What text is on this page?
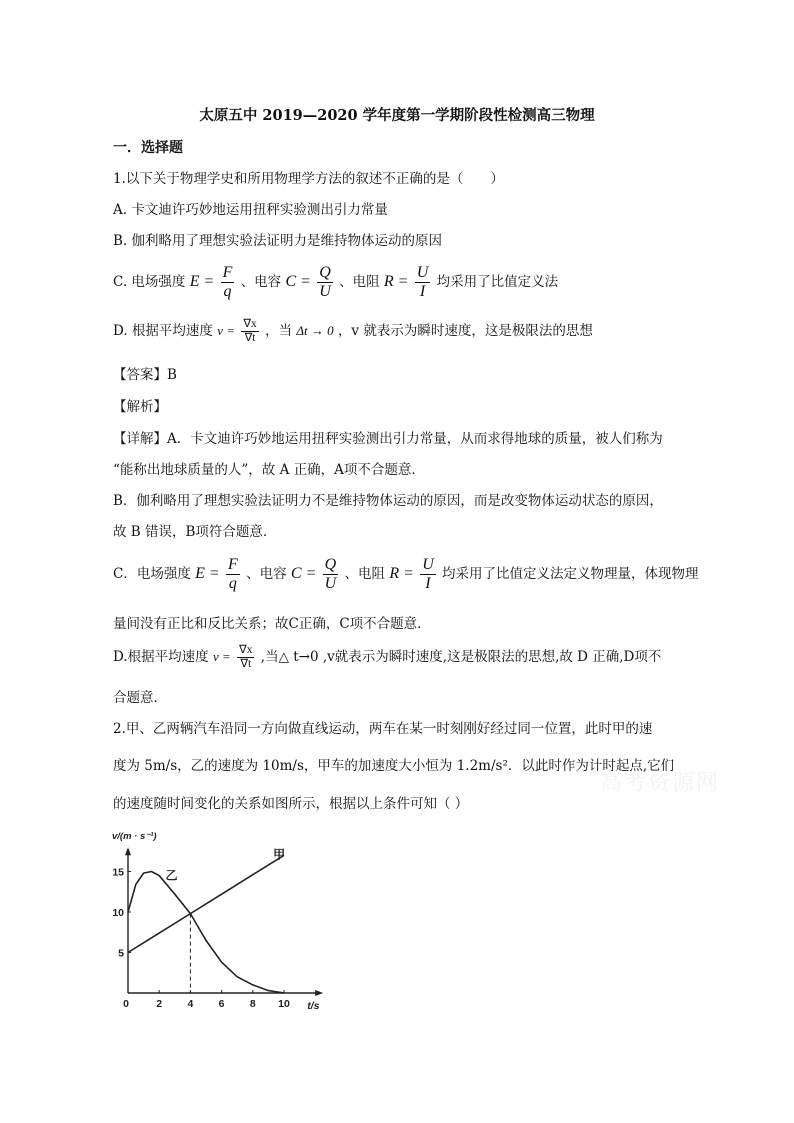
太原五中 2019—2020 学年度第一学期阶段性检测高三物理
一．选择题
1.以下关于物理学史和所用物理学方法的叙述不正确的是（　　）
A. 卡文迪许巧妙地运用扭秤实验测出引力常量
B. 伽利略用了理想实验法证明力是维持物体运动的原因
C. 电场强度 $E = \frac{F}{q}$ 、电容 $C = \frac{Q}{U}$ 、电阻 $R = \frac{U}{I}$ 均采用了比值定义法
D. 根据平均速度 $v = \frac{\nabla x}{\nabla t}$ ，当 Δt → 0 ，v 就表示为瞬时速度，这是极限法的思想
【答案】B
【解析】
【详解】A．卡文迪许巧妙地运用扭秤实验测出引力常量，从而求得地球的质量，被人们称为
“能称出地球质量的人”，故 A 正确，A项不合题意．
B．伽利略用了理想实验法证明力不是维持物体运动的原因，而是改变物体运动状态的原因，
故 B 错误，B项符合题意．
C．电场强度 $E = \frac{F}{q}$ 、电容 $C = \frac{Q}{U}$ 、电阻 $R = \frac{U}{I}$ 均采用了比值定义法定义物理量，体现物理
量间没有正比和反比关系；故C正确，C项不合题意．
D.根据平均速度 $v = \frac{\nabla x}{\nabla t}$ ,当△ t→0 ,v就表示为瞬时速度,这是极限法的思想,故 D 正确,D项不
合题意．
2.甲、乙两辆汽车沿同一方向做直线运动，两车在某一时刻刚好经过同一位置，此时甲的速
度为 5m/s，乙的速度为 10m/s，甲车的加速度大小恒为 1.2m/s²．以此时作为计时起点,它们
的速度随时间变化的关系如图所示，根据以上条件可知（ ）
高考资源网
0	2 4 6 8 10
5
10
15
甲
乙
v/(m · s⁻¹)
t/s
